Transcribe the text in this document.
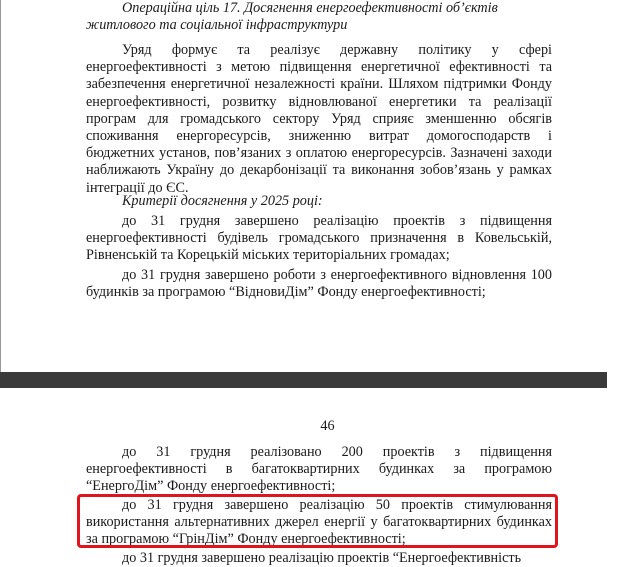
Операційна ціль 17. Досягнення енергоефективності об’єктів
житлового та соціальної інфраструктури

Уряд формує та реалізує державну політику у сфері енергоефективності з метою підвищення енергетичної ефективності та забезпечення енергетичної незалежності країни. Шляхом підтримки Фонду енергоефективності, розвитку відновлюваної енергетики та реалізації програм для громадського сектору Уряд сприяє зменшенню обсягів споживання енергоресурсів, зниженню витрат домогосподарств і бюджетних установ, пов’язаних з оплатою енергоресурсів. Зазначені заходи наближають Україну до декарбонізації та виконання зобов’язань у рамках інтеграції до ЄС.

Критерії досягнення у 2025 році:

до 31 грудня завершено реалізацію проектів з підвищення енергоефективності будівель громадського призначення в Ковельській, Рівненській та Корецькій міських територіальних громадах;

до 31 грудня завершено роботи з енергоефективного відновлення 100 будинків за програмою “ВідновиДім” Фонду енергоефективності;

46

до 31 грудня реалізовано 200 проектів з підвищення енергоефективності в багатоквартирних будинках за програмою “ЕнергоДім” Фонду енергоефективності;

до 31 грудня завершено реалізацію 50 проектів стимулювання використання альтернативних джерел енергії у багатоквартирних будинках за програмою “ГрінДім” Фонду енергоефективності;

до 31 грудня завершено реалізацію проектів “Енергоефективність
